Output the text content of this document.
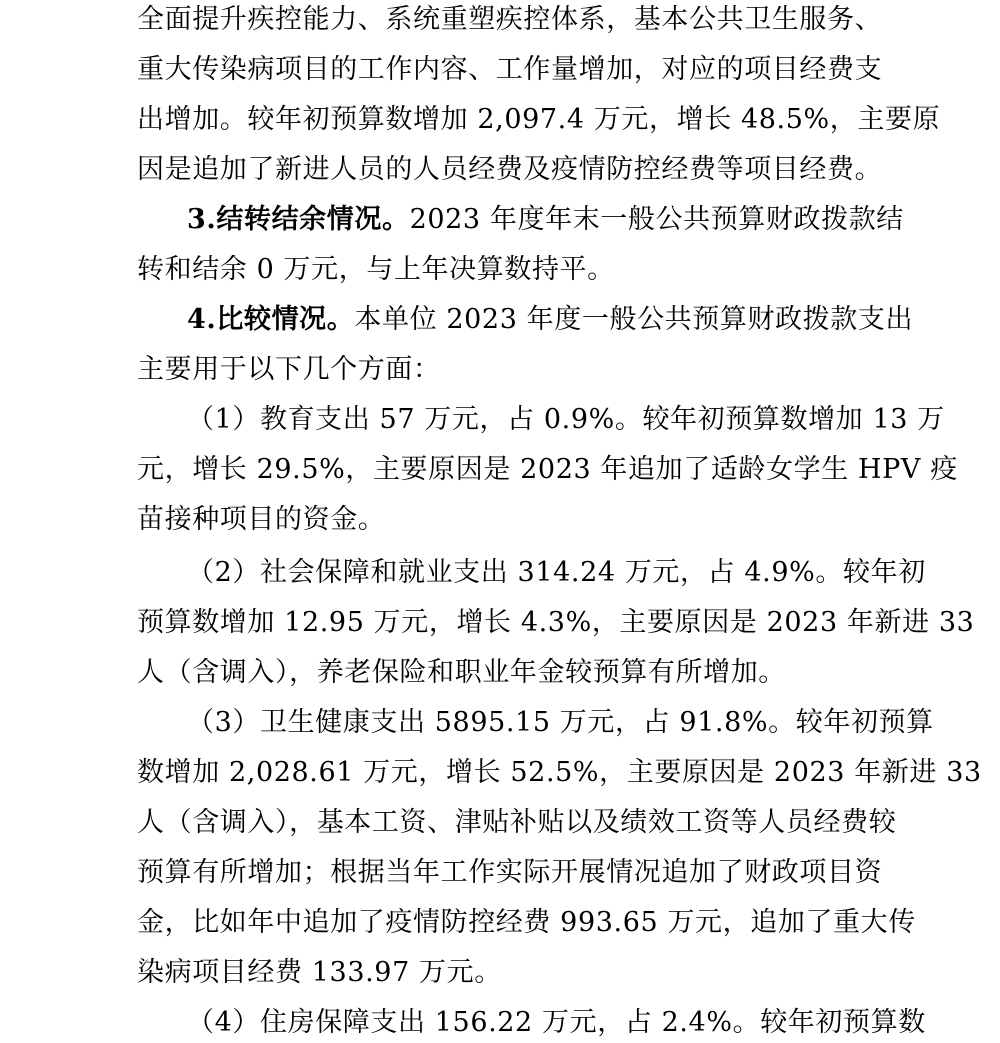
全面提升疾控能力、系统重塑疾控体系，基本公共卫生服务、
重大传染病项目的工作内容、工作量增加，对应的项目经费支
出增加。较年初预算数增加 2,097.4 万元，增长 48.5%，主要原
因是追加了新进人员的人员经费及疫情防控经费等项目经费。
3.结转结余情况。2023 年度年末一般公共预算财政拨款结
转和结余 0 万元，与上年决算数持平。
4.比较情况。本单位 2023 年度一般公共预算财政拨款支出
主要用于以下几个方面：
（1）教育支出 57 万元，占 0.9%。较年初预算数增加 13 万
元，增长 29.5%，主要原因是 2023 年追加了适龄女学生 HPV 疫
苗接种项目的资金。
（2）社会保障和就业支出 314.24 万元，占 4.9%。较年初
预算数增加 12.95 万元，增长 4.3%，主要原因是 2023 年新进 33
人（含调入），养老保险和职业年金较预算有所增加。
（3）卫生健康支出 5895.15 万元，占 91.8%。较年初预算
数增加 2,028.61 万元，增长 52.5%，主要原因是 2023 年新进 33
人（含调入），基本工资、津贴补贴以及绩效工资等人员经费较
预算有所增加；根据当年工作实际开展情况追加了财政项目资
金，比如年中追加了疫情防控经费 993.65 万元，追加了重大传
染病项目经费 133.97 万元。
（4）住房保障支出 156.22 万元，占 2.4%。较年初预算数
